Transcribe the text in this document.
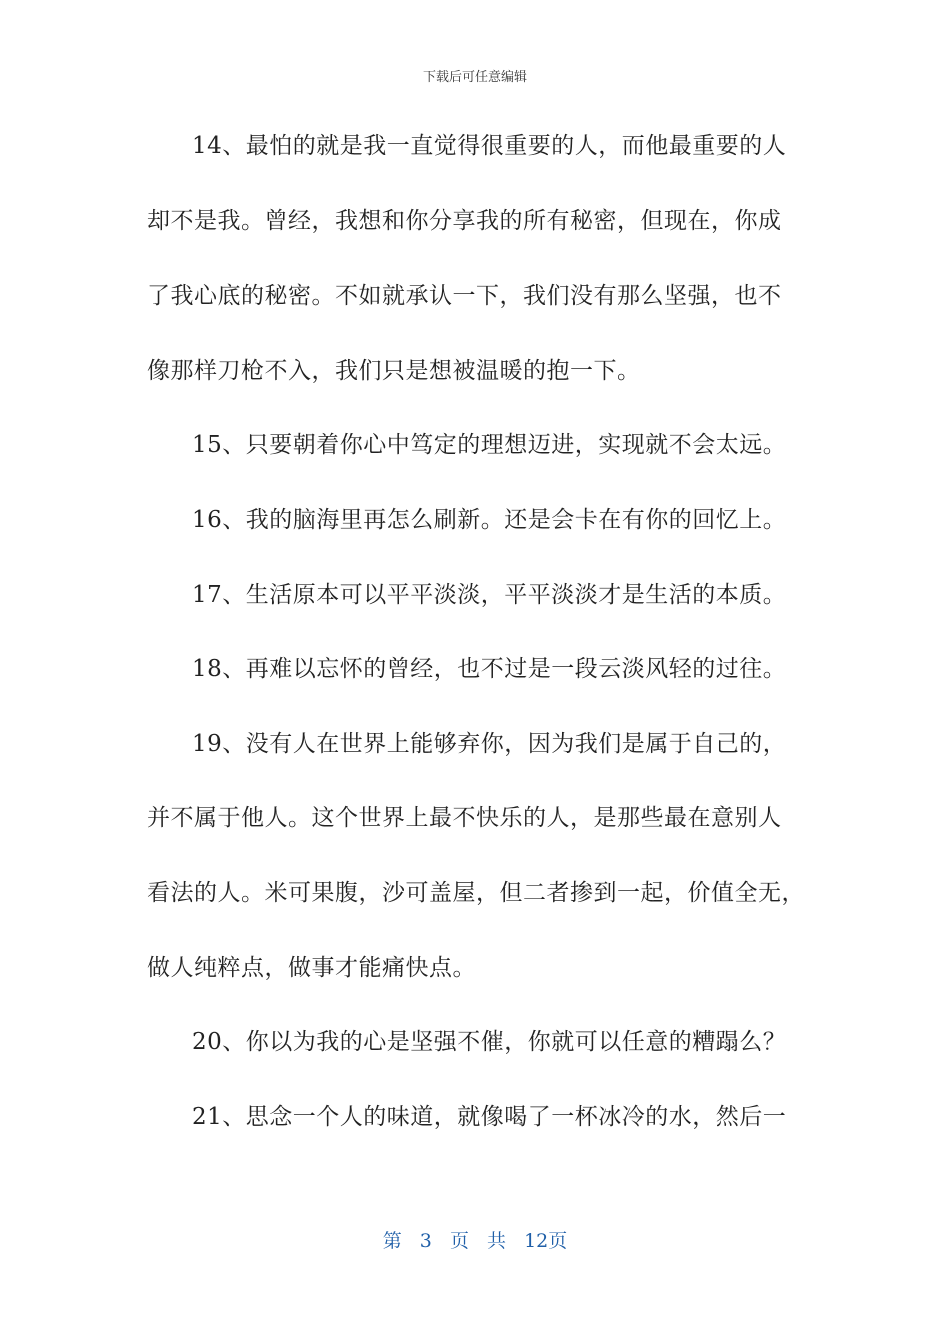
下载后可任意编辑
14、最怕的就是我一直觉得很重要的人，而他最重要的人
却不是我。曾经，我想和你分享我的所有秘密，但现在，你成
了我心底的秘密。不如就承认一下，我们没有那么坚强，也不
像那样刀枪不入，我们只是想被温暖的抱一下。
15、只要朝着你心中笃定的理想迈进，实现就不会太远。
16、我的脑海里再怎么刷新。还是会卡在有你的回忆上。
17、生活原本可以平平淡淡，平平淡淡才是生活的本质。
18、再难以忘怀的曾经，也不过是一段云淡风轻的过往。
19、没有人在世界上能够弃你，因为我们是属于自己的，
并不属于他人。这个世界上最不快乐的人，是那些最在意别人
看法的人。米可果腹，沙可盖屋，但二者掺到一起，价值全无，
做人纯粹点，做事才能痛快点。
20、你以为我的心是坚强不催，你就可以任意的糟蹋么？
21、思念一个人的味道，就像喝了一杯冰冷的水，然后一
第 3 页 共 12页
